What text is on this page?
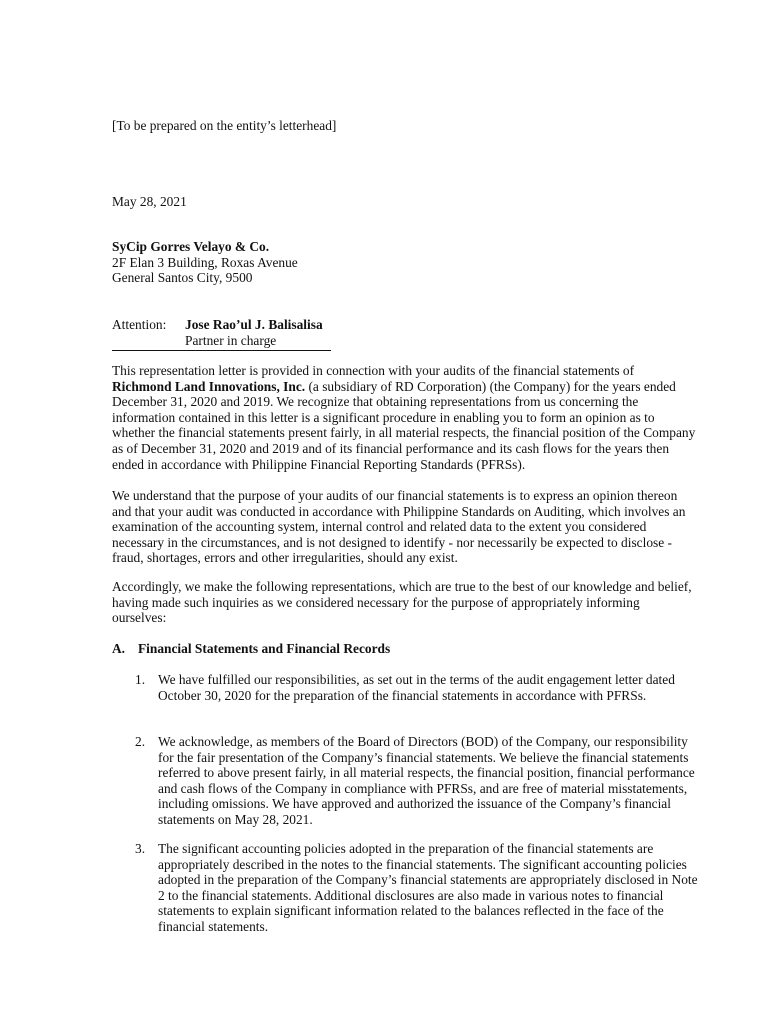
[To be prepared on the entity’s letterhead]

May 28, 2021

SyCip Gorres Velayo & Co.

2F Elan 3 Building, Roxas Avenue

General Santos City, 9500

Attention: Jose Rao’ul J. Balisalisa
Partner in charge

This representation letter is provided in connection with your audits of the financial statements of Richmond Land Innovations, Inc. (a subsidiary of RD Corporation) (the Company) for the years ended December 31, 2020 and 2019. We recognize that obtaining representations from us concerning the information contained in this letter is a significant procedure in enabling you to form an opinion as to whether the financial statements present fairly, in all material respects, the financial position of the Company as of December 31, 2020 and 2019 and of its financial performance and its cash flows for the years then ended in accordance with Philippine Financial Reporting Standards (PFRSs).

We understand that the purpose of your audits of our financial statements is to express an opinion thereon and that your audit was conducted in accordance with Philippine Standards on Auditing, which involves an examination of the accounting system, internal control and related data to the extent you considered necessary in the circumstances, and is not designed to identify - nor necessarily be expected to disclose - fraud, shortages, errors and other irregularities, should any exist.

Accordingly, we make the following representations, which are true to the best of our knowledge and belief, having made such inquiries as we considered necessary for the purpose of appropriately informing ourselves:

A. Financial Statements and Financial Records
1. We have fulfilled our responsibilities, as set out in the terms of the audit engagement letter dated October 30, 2020 for the preparation of the financial statements in accordance with PFRSs.

2. We acknowledge, as members of the Board of Directors (BOD) of the Company, our responsibility for the fair presentation of the Company’s financial statements. We believe the financial statements referred to above present fairly, in all material respects, the financial position, financial performance and cash flows of the Company in compliance with PFRSs, and are free of material misstatements, including omissions. We have approved and authorized the issuance of the Company’s financial statements on May 28, 2021.

3. The significant accounting policies adopted in the preparation of the financial statements are appropriately described in the notes to the financial statements. The significant accounting policies adopted in the preparation of the Company’s financial statements are appropriately disclosed in Note 2 to the financial statements. Additional disclosures are also made in various notes to financial statements to explain significant information related to the balances reflected in the face of the financial statements.
